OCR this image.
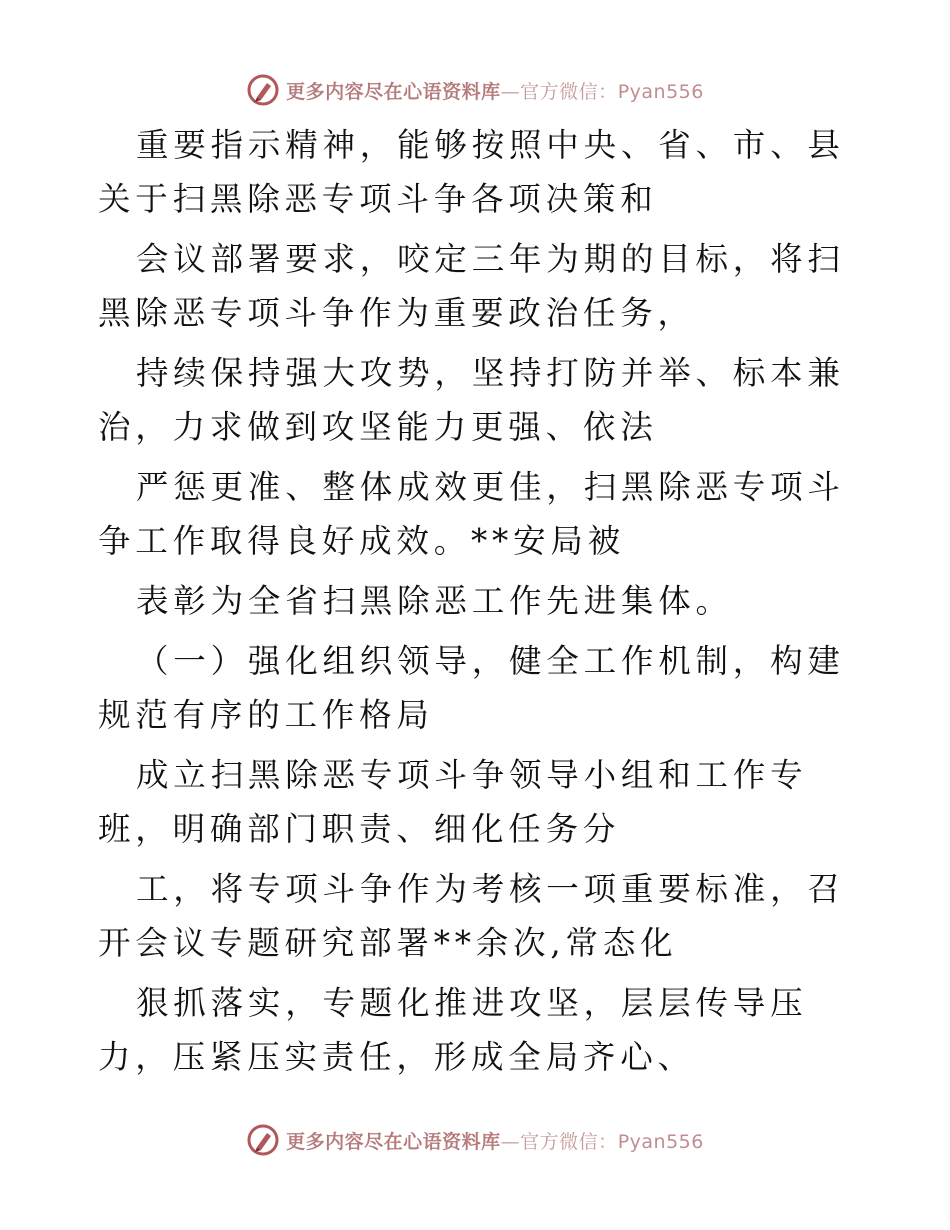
更多内容尽在心语资料库—官方微信：Pyan556

重要指示精神，能够按照中央、省、市、县关于扫黑除恶专项斗争各项决策和

会议部署要求，咬定三年为期的目标，将扫黑除恶专项斗争作为重要政治任务，

持续保持强大攻势，坚持打防并举、标本兼治，力求做到攻坚能力更强、依法

严惩更准、整体成效更佳，扫黑除恶专项斗争工作取得良好成效。**安局被

表彰为全省扫黑除恶工作先进集体。

（一）强化组织领导，健全工作机制，构建规范有序的工作格局

成立扫黑除恶专项斗争领导小组和工作专班，明确部门职责、细化任务分

工，将专项斗争作为考核一项重要标准，召开会议专题研究部署**余次,常态化

狠抓落实，专题化推进攻坚，层层传导压力，压紧压实责任，形成全局齐心、

更多内容尽在心语资料库—官方微信：Pyan556
